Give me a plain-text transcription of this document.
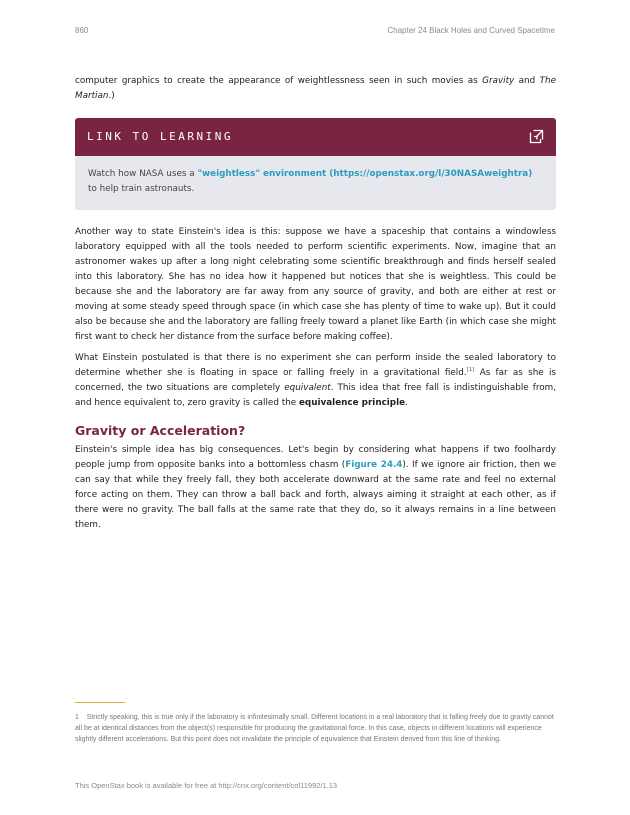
860	Chapter 24 Black Holes and Curved Spacetime

computer graphics to create the appearance of weightlessness seen in such movies as Gravity and The Martian.)

LINK TO LEARNING
Watch how NASA uses a "weightless" environment (https://openstax.org/l/30NASAweightra) to help train astronauts.

Another way to state Einstein's idea is this: suppose we have a spaceship that contains a windowless laboratory equipped with all the tools needed to perform scientific experiments. Now, imagine that an astronomer wakes up after a long night celebrating some scientific breakthrough and finds herself sealed into this laboratory. She has no idea how it happened but notices that she is weightless. This could be because she and the laboratory are far away from any source of gravity, and both are either at rest or moving at some steady speed through space (in which case she has plenty of time to wake up). But it could also be because she and the laboratory are falling freely toward a planet like Earth (in which case she might first want to check her distance from the surface before making coffee).

What Einstein postulated is that there is no experiment she can perform inside the sealed laboratory to determine whether she is floating in space or falling freely in a gravitational field.[1] As far as she is concerned, the two situations are completely equivalent. This idea that free fall is indistinguishable from, and hence equivalent to, zero gravity is called the equivalence principle.

Gravity or Acceleration?

Einstein's simple idea has big consequences. Let's begin by considering what happens if two foolhardy people jump from opposite banks into a bottomless chasm (Figure 24.4). If we ignore air friction, then we can say that while they freely fall, they both accelerate downward at the same rate and feel no external force acting on them. They can throw a ball back and forth, always aiming it straight at each other, as if there were no gravity. The ball falls at the same rate that they do, so it always remains in a line between them.

1 Strictly speaking, this is true only if the laboratory is infinitesimally small. Different locations in a real laboratory that is falling freely due to gravity cannot all be at identical distances from the object(s) responsible for producing the gravitational force. In this case, objects in different locations will experience slightly different accelerations. But this point does not invalidate the principle of equivalence that Einstein derived from this line of thinking.
This OpenStax book is available for free at http://cnx.org/content/col11992/1.13
